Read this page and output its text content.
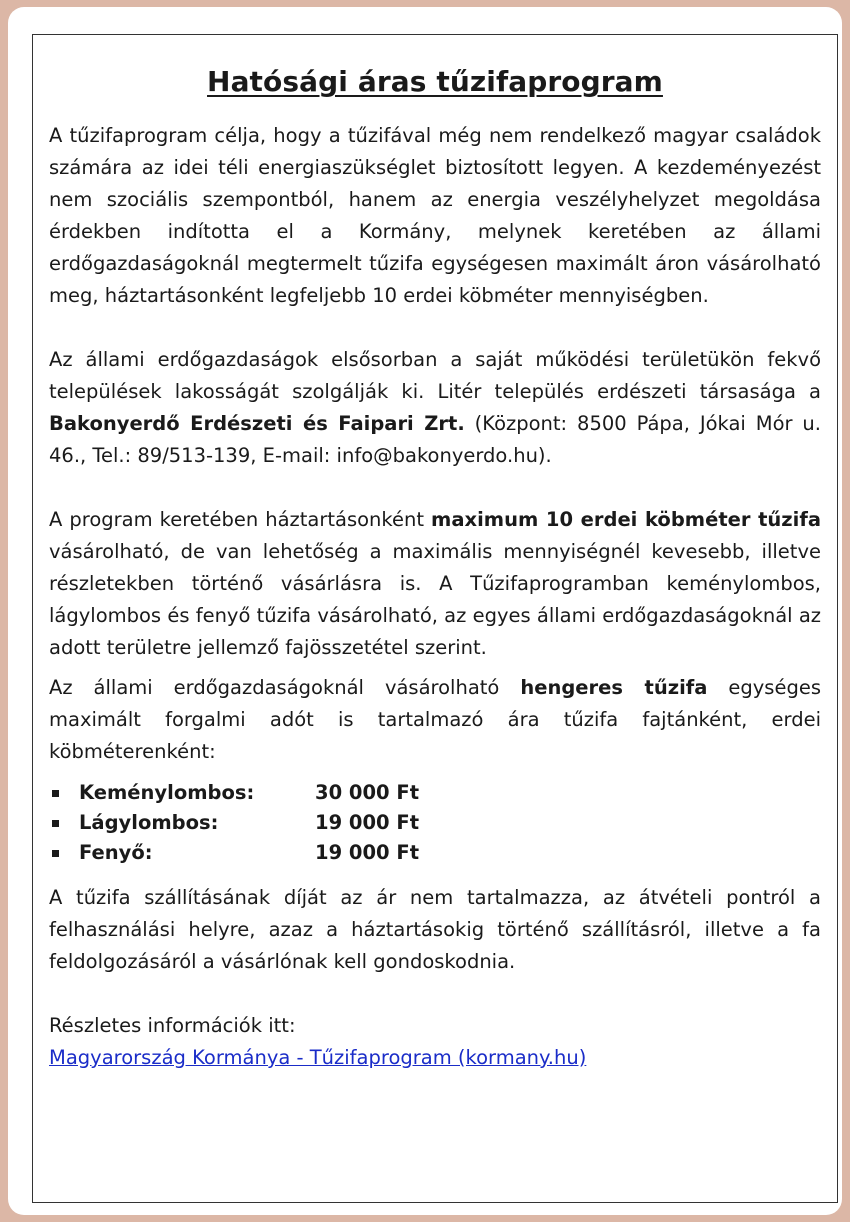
Hatósági áras tűzifaprogram

A tűzifaprogram célja, hogy a tűzifával még nem rendelkező magyar családok számára az idei téli energiaszükséglet biztosított legyen. A kezdeményezést nem szociális szempontból, hanem az energia veszélyhelyzet megoldása érdekben indította el a Kormány, melynek keretében az állami erdőgazdaságoknál megtermelt tűzifa egységesen maximált áron vásárolható meg, háztartásonként legfeljebb 10 erdei köbméter mennyiségben.

Az állami erdőgazdaságok elsősorban a saját működési területükön fekvő települések lakosságát szolgálják ki. Litér település erdészeti társasága a Bakonyerdő Erdészeti és Faipari Zrt. (Központ: 8500 Pápa, Jókai Mór u. 46., Tel.: 89/513-139, E-mail: info@bakonyerdo.hu).

A program keretében háztartásonként maximum 10 erdei köbméter tűzifa vásárolható, de van lehetőség a maximális mennyiségnél kevesebb, illetve részletekben történő vásárlásra is. A Tűzifaprogramban keménylombos, lágylombos és fenyő tűzifa vásárolható, az egyes állami erdőgazdaságoknál az adott területre jellemző fajösszetétel szerint.

Az állami erdőgazdaságoknál vásárolható hengeres tűzifa egységes maximált forgalmi adót is tartalmazó ára tűzifa fajtánként, erdei köbméterenként:

Keménylombos:	30 000 Ft
Lágylombos:	19 000 Ft
Fenyő:	19 000 Ft

A tűzifa szállításának díját az ár nem tartalmazza, az átvételi pontról a felhasználási helyre, azaz a háztartásokig történő szállításról, illetve a fa feldolgozásáról a vásárlónak kell gondoskodnia.

Részletes információk itt:

Magyarország Kormánya - Tűzifaprogram (kormany.hu)
